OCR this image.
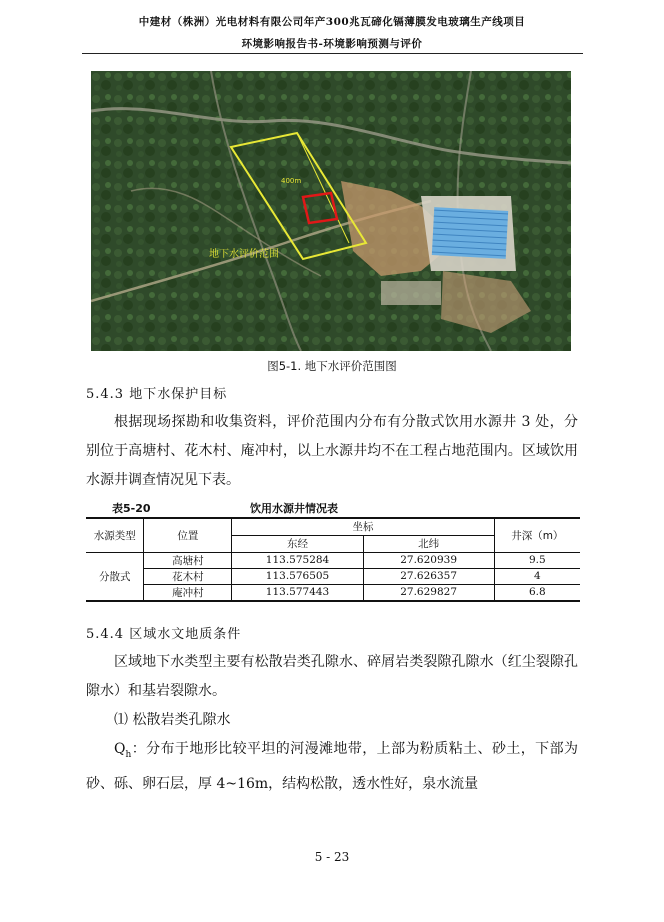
中建材（株洲）光电材料有限公司年产300兆瓦碲化镉薄膜发电玻璃生产线项目
环境影响报告书-环境影响预测与评价
400m
地下水评价范围
图5-1. 地下水评价范围图
5.4.3 地下水保护目标
根据现场探勘和收集资料，评价范围内分布有分散式饮用水源井 3 处，分别位于高塘村、花木村、庵冲村，以上水源井均不在工程占地范围内。区域饮用水源井调查情况见下表。
表5-20	饮用水源井情况表
水源类型	位置	坐标		井深（m）
		东经	北纬	
分散式	高塘村	113.575284	27.620939	9.5
	花木村	113.576505	27.626357	4
	庵冲村	113.577443	27.629827	6.8
5.4.4 区域水文地质条件
区域地下水类型主要有松散岩类孔隙水、碎屑岩类裂隙孔隙水（红尘裂隙孔隙水）和基岩裂隙水。
⑴ 松散岩类孔隙水
$Q_h$：分布于地形比较平坦的河漫滩地带，上部为粉质粘土、砂土，下部为砂、砾、卵石层，厚 4~16m，结构松散，透水性好，泉水流量
5 - 23
